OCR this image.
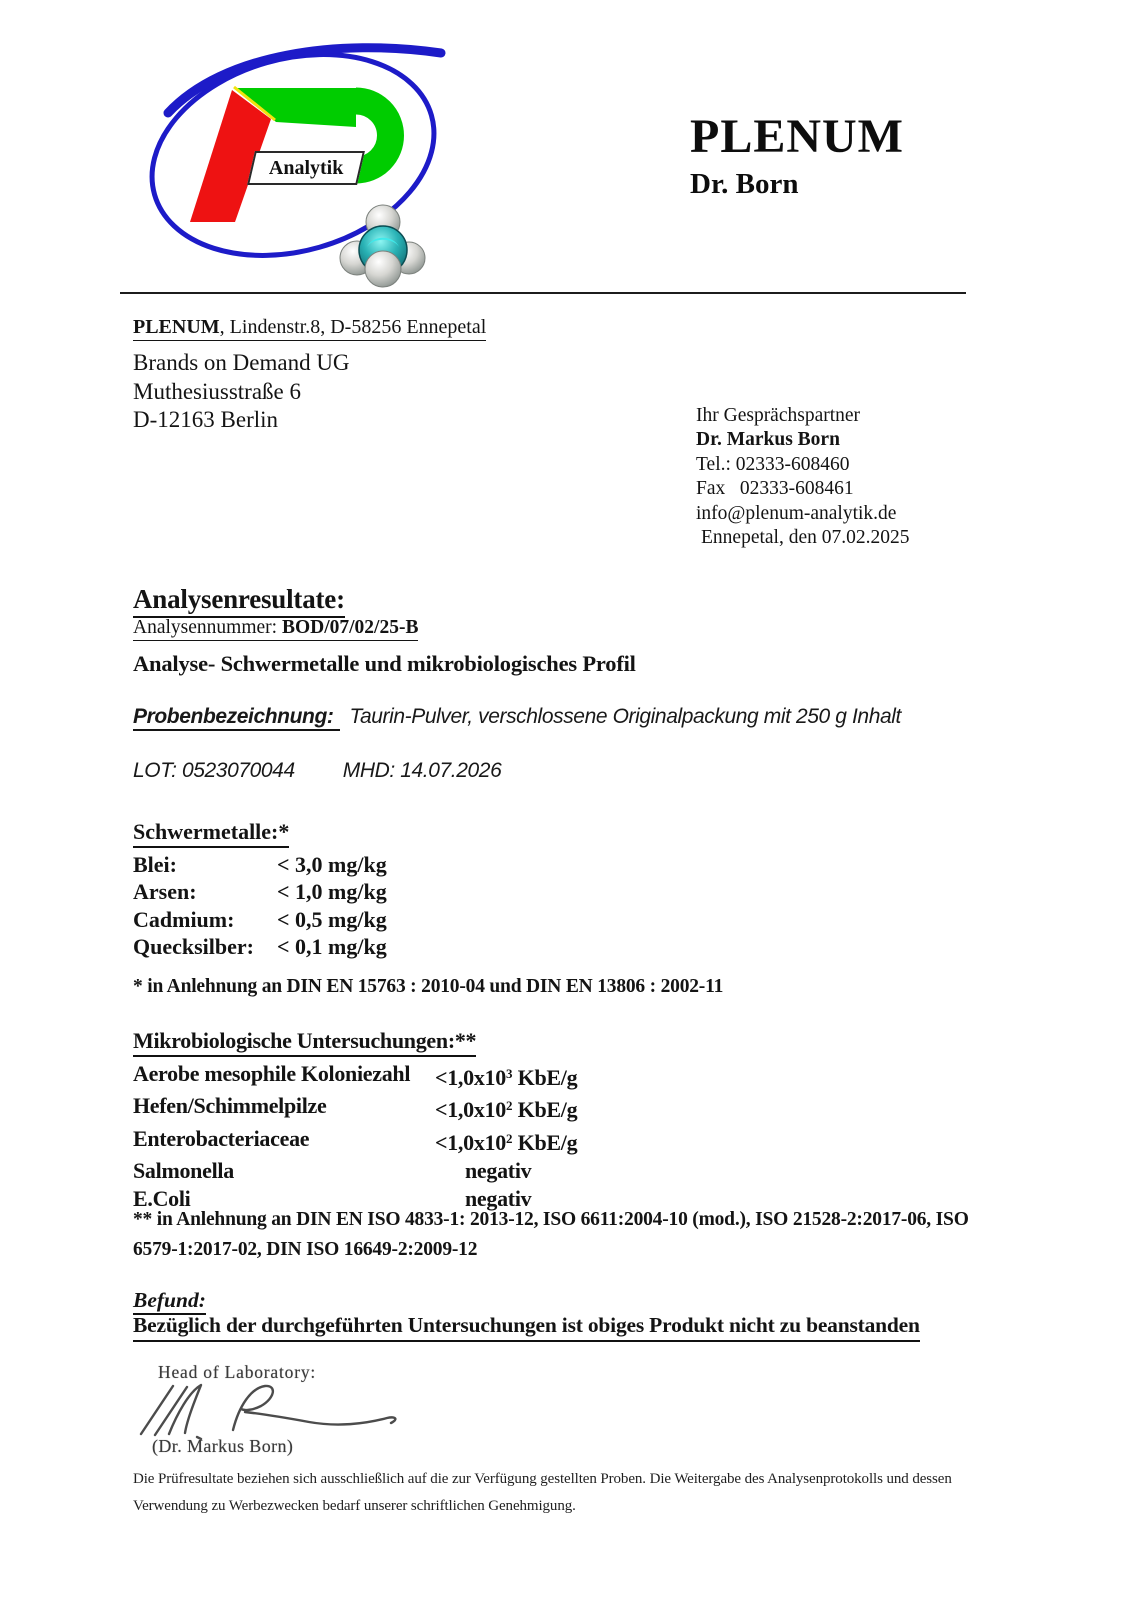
Analytik
PLENUM
Dr. Born
PLENUM, Lindenstr.8, D-58256 Ennepetal
Brands on Demand UG
Muthesiusstraße 6
D-12163 Berlin	Ihr Gesprächspartner
Dr. Markus Born
Tel.: 02333-608460
Fax   02333-608461
info@plenum-analytik.de
Ennepetal, den 07.02.2025
Analysenresultate:
Analysennummer: BOD/07/02/25-B
Analyse- Schwermetalle und mikrobiologisches Profil
Probenbezeichnung: Taurin-Pulver, verschlossene Originalpackung mit 250 g Inhalt
LOT: 0523070044 MHD: 14.07.2026
Schwermetalle:*
Blei:	< 3,0 mg/kg
Arsen:	< 1,0 mg/kg
Cadmium:	< 0,5 mg/kg
Quecksilber:	< 0,1 mg/kg
* in Anlehnung an DIN EN 15763 : 2010-04 und DIN EN 13806 : 2002-11
Mikrobiologische Untersuchungen:**
Aerobe mesophile Koloniezahl	$<1,0x10^3$ KbE/g
Hefen/Schimmelpilze	$<1,0x10^2$ KbE/g
Enterobacteriaceae	$<1,0x10^2$ KbE/g
Salmonella	negativ
E.Coli	negativ
** in Anlehnung an DIN EN ISO 4833-1: 2013-12, ISO 6611:2004-10 (mod.), ISO 21528-2:2017-06, ISO 6579-1:2017-02, DIN ISO 16649-2:2009-12
Befund:
Bezüglich der durchgeführten Untersuchungen ist obiges Produkt nicht zu beanstanden
Head of Laboratory:
(Dr. Markus Born)
Die Prüfresultate beziehen sich ausschließlich auf die zur Verfügung gestellten Proben. Die Weitergabe des Analysenprotokolls und dessen
Verwendung zu Werbezwecken bedarf unserer schriftlichen Genehmigung.
